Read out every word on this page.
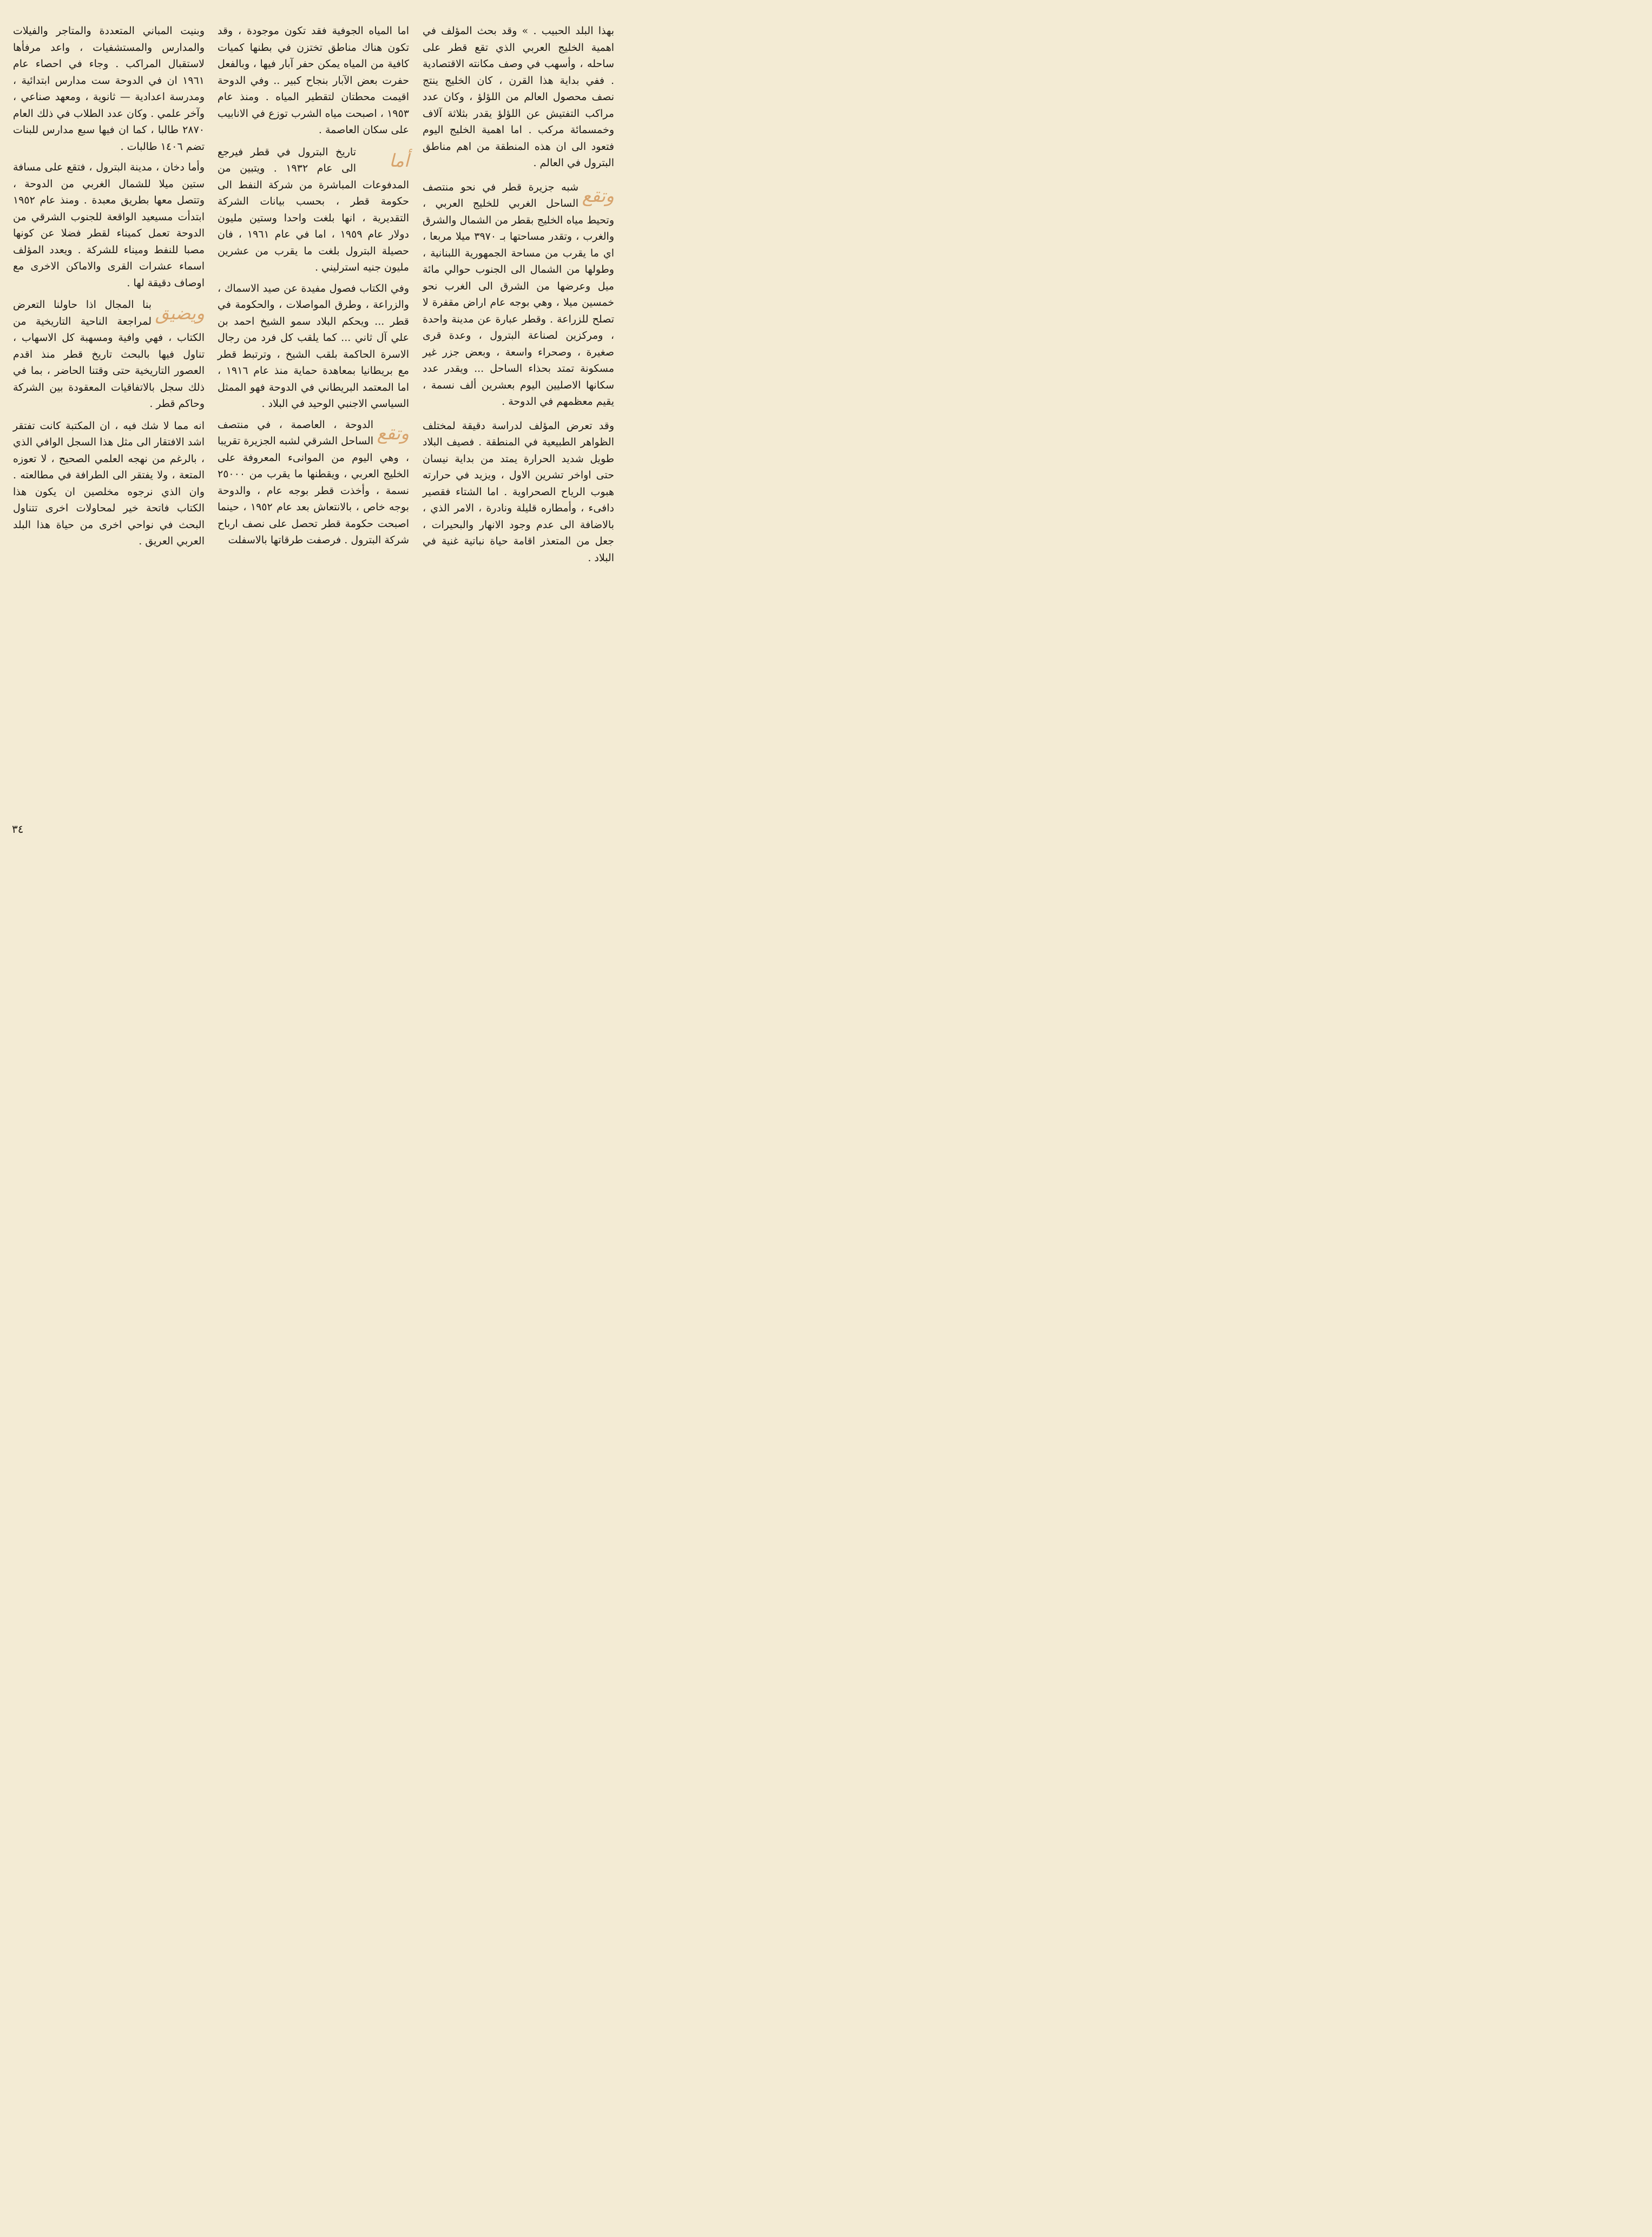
بهذا البلد الحبيب . » وقد بحث المؤلف في اهمية الخليج العربي الذي تقع قطر على ساحله ، وأسهب في وصف مكانته الاقتصادية . ففي بداية هذا القرن ، كان الخليج ينتج نصف محصول العالم من اللؤلؤ ، وكان عدد مراكب التفتيش عن اللؤلؤ يقدر بثلاثة آلاف وخمسمائة مركب . اما اهمية الخليج اليوم فتعود الى ان هذه المنطقة من اهم مناطق البترول في العالم .

وتقع

شبه جزيرة قطر في نحو منتصف الساحل الغربي للخليج العربي ، وتحيط مياه الخليج بقطر من الشمال والشرق والغرب ، وتقدر مساحتها بـ ٣٩٧٠ ميلا مربعا ، اي ما يقرب من مساحة الجمهورية اللبنانية ، وطولها من الشمال الى الجنوب حوالي مائة ميل وعرضها من الشرق الى الغرب نحو خمسين ميلا ، وهي بوجه عام اراض مقفرة لا تصلح للزراعة . وقطر عبارة عن مدينة واحدة ، ومركزين لصناعة البترول ، وعدة قرى صغيرة ، وصحراء واسعة ، وبعض جزر غير مسكونة تمتد بحذاء الساحل ... ويقدر عدد سكانها الاصليين اليوم بعشرين ألف نسمة ، يقيم معظمهم في الدوحة .

وقد تعرض المؤلف لدراسة دقيقة لمختلف الظواهر الطبيعية في المنطقة . فصيف البلاد طويل شديد الحرارة يمتد من بداية نيسان حتى اواخر تشرين الاول ، ويزيد في حرارته هبوب الرياح الصحراوية . اما الشتاء فقصير دافىء ، وأمطاره قليلة ونادرة ، الامر الذي ، بالاضافة الى عدم وجود الانهار والبحيرات ، جعل من المتعذر اقامة حياة نباتية غنية في البلاد .

اما المياه الجوفية فقد تكون موجودة ، وقد تكون هناك مناطق تختزن في بطنها كميات كافية من المياه يمكن حفر آبار فيها ، وبالفعل حفرت بعض الآبار بنجاح كبير .. وفي الدوحة اقيمت محطتان لتقطير المياه . ومنذ عام ١٩٥٣ ، اصبحت مياه الشرب توزع في الانابيب على سكان العاصمة .

أما

تاريخ البترول في قطر فيرجع الى عام ١٩٣٢ . ويتبين من المدفوعات المباشرة من شركة النفط الى حكومة قطر ، بحسب بيانات الشركة التقديرية ، انها بلغت واحدا وستين مليون دولار عام ١٩٥٩ ، اما في عام ١٩٦١ ، فان حصيلة البترول بلغت ما يقرب من عشرين مليون جنيه استرليني .

وفي الكتاب فصول مفيدة عن صيد الاسماك ، والزراعة ، وطرق المواصلات ، والحكومة في قطر ... ويحكم البلاد سمو الشيخ احمد بن علي آل ثاني ... كما يلقب كل فرد من رجال الاسرة الحاكمة بلقب الشيخ ، وترتبط قطر مع بريطانيا بمعاهدة حماية منذ عام ١٩١٦ ، اما المعتمد البريطاني في الدوحة فهو الممثل السياسي الاجنبي الوحيد في البلاد .

وتقع

الدوحة ، العاصمة ، في منتصف الساحل الشرقي لشبه الجزيرة تقريبا ، وهي اليوم من الموانىء المعروفة على الخليج العربي ، ويقطنها ما يقرب من ٢٥٠٠٠ نسمة ، وأخذت قطر بوجه عام ، والدوحة بوجه خاص ، بالانتعاش بعد عام ١٩٥٢ ، حينما اصبحت حكومة قطر تحصل على نصف ارباح شركة البترول . فرصفت طرقاتها بالاسفلت

وبنيت المباني المتعددة والمتاجر والفيلات والمدارس والمستشفيات ، واعد مرفأها لاستقبال المراكب . وجاء في احصاء عام ١٩٦١ ان في الدوحة ست مدارس ابتدائية ، ومدرسة اعدادية — ثانوية ، ومعهد صناعي ، وآخر علمي . وكان عدد الطلاب في ذلك العام ٢٨٧٠ طالبا ، كما ان فيها سبع مدارس للبنات تضم ١٤٠٦ طالبات .

وأما دخان ، مدينة البترول ، فتقع على مسافة ستين ميلا للشمال الغربي من الدوحة ، وتتصل معها بطريق معبدة . ومنذ عام ١٩٥٢ ابتدأت مسيعيد الواقعة للجنوب الشرقي من الدوحة تعمل كميناء لقطر فضلا عن كونها مصبا للنفط وميناء للشركة . ويعدد المؤلف اسماء عشرات القرى والاماكن الاخرى مع اوصاف دقيقة لها .

ويضيق

بنا المجال اذا حاولنا التعرض لمراجعة الناحية التاريخية من الكتاب ، فهي وافية ومسهبة كل الاسهاب ، تناول فيها بالبحث تاريخ قطر منذ اقدم العصور التاريخية حتى وقتنا الحاضر ، بما في ذلك سجل بالاتفاقيات المعقودة بين الشركة وحاكم قطر .

انه مما لا شك فيه ، ان المكتبة كانت تفتقر اشد الافتقار الى مثل هذا السجل الوافي الذي ، بالرغم من نهجه العلمي الصحيح ، لا تعوزه المتعة ، ولا يفتقر الى الطرافة في مطالعته . وان الذي نرجوه مخلصين ان يكون هذا الكتاب فاتحة خير لمحاولات اخرى تتناول البحث في نواحي اخرى من حياة هذا البلد العربي العريق .

٣٤
